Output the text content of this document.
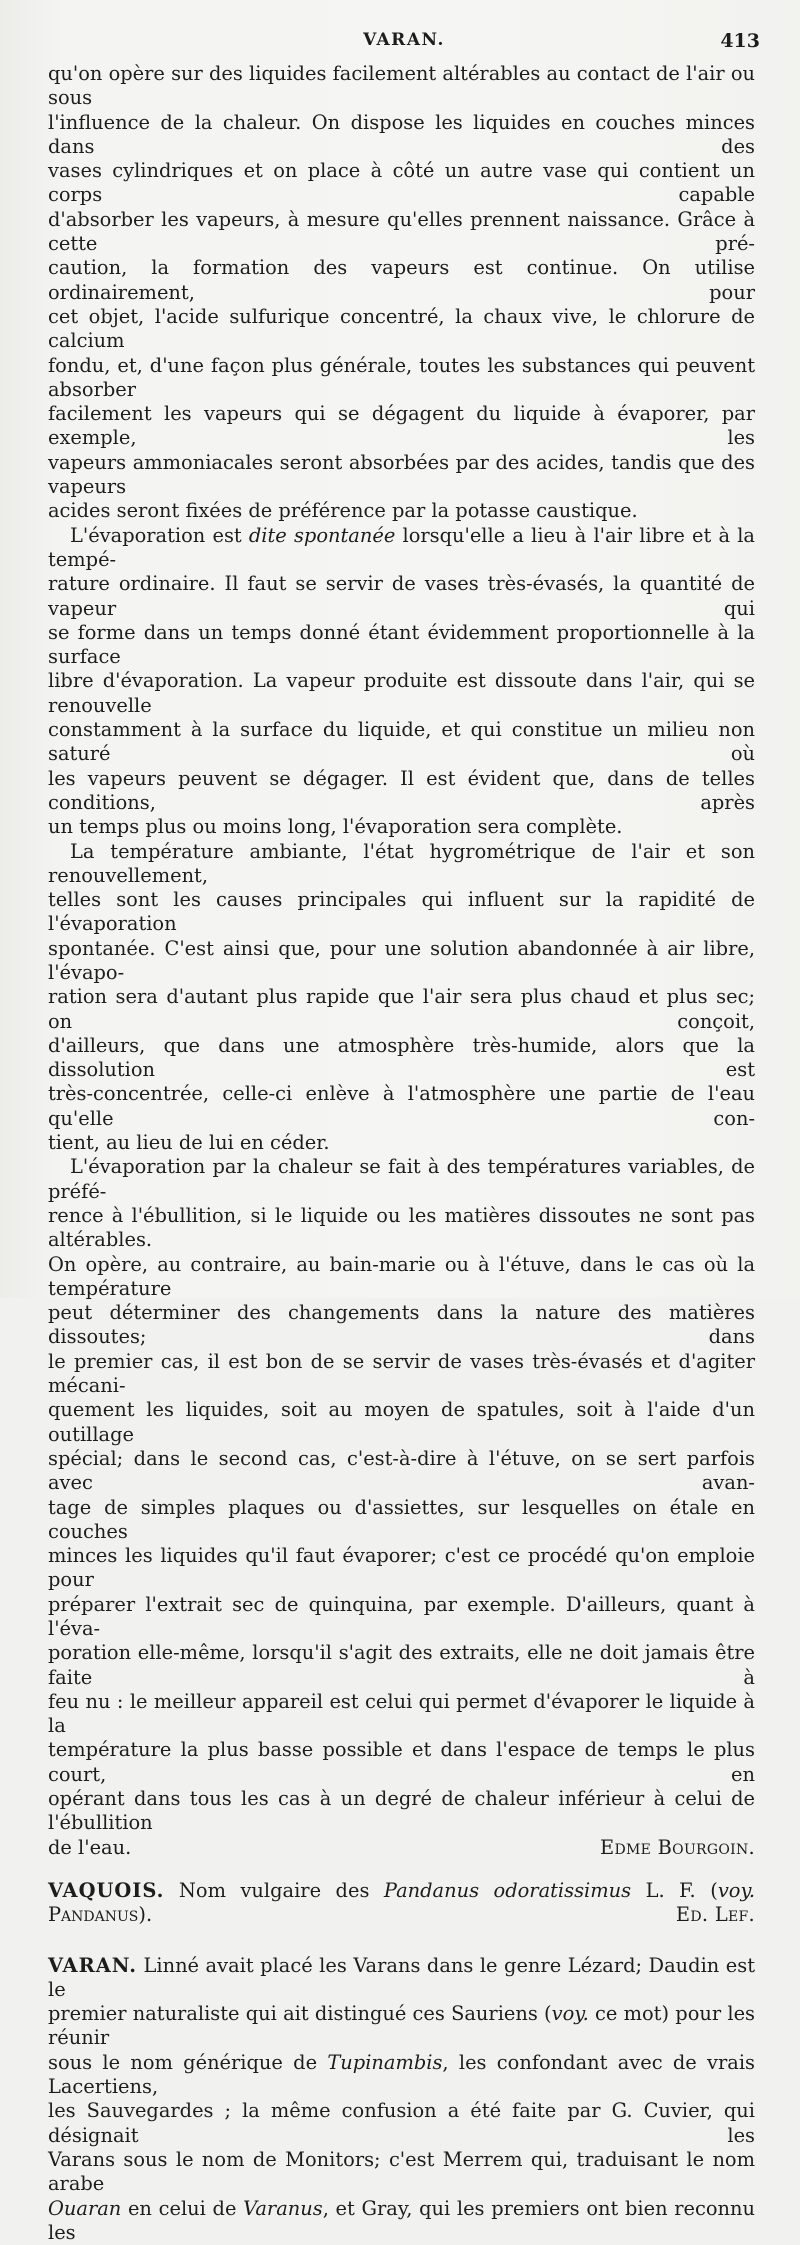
VARAN.	413

qu'on opère sur des liquides facilement altérables au contact de l'air ou sous

l'influence de la chaleur. On dispose les liquides en couches minces dans des

vases cylindriques et on place à côté un autre vase qui contient un corps capable

d'absorber les vapeurs, à mesure qu'elles prennent naissance. Grâce à cette pré-

caution, la formation des vapeurs est continue. On utilise ordinairement, pour

cet objet, l'acide sulfurique concentré, la chaux vive, le chlorure de calcium

fondu, et, d'une façon plus générale, toutes les substances qui peuvent absorber

facilement les vapeurs qui se dégagent du liquide à évaporer, par exemple, les

vapeurs ammoniacales seront absorbées par des acides, tandis que des vapeurs

acides seront fixées de préférence par la potasse caustique.

L'évaporation est dite spontanée lorsqu'elle a lieu à l'air libre et à la tempé-

rature ordinaire. Il faut se servir de vases très-évasés, la quantité de vapeur qui

se forme dans un temps donné étant évidemment proportionnelle à la surface

libre d'évaporation. La vapeur produite est dissoute dans l'air, qui se renouvelle

constamment à la surface du liquide, et qui constitue un milieu non saturé où

les vapeurs peuvent se dégager. Il est évident que, dans de telles conditions, après

un temps plus ou moins long, l'évaporation sera complète.

La température ambiante, l'état hygrométrique de l'air et son renouvellement,

telles sont les causes principales qui influent sur la rapidité de l'évaporation

spontanée. C'est ainsi que, pour une solution abandonnée à air libre, l'évapo-

ration sera d'autant plus rapide que l'air sera plus chaud et plus sec; on conçoit,

d'ailleurs, que dans une atmosphère très-humide, alors que la dissolution est

très-concentrée, celle-ci enlève à l'atmosphère une partie de l'eau qu'elle con-

tient, au lieu de lui en céder.

L'évaporation par la chaleur se fait à des températures variables, de préfé-

rence à l'ébullition, si le liquide ou les matières dissoutes ne sont pas altérables.

On opère, au contraire, au bain-marie ou à l'étuve, dans le cas où la température

peut déterminer des changements dans la nature des matières dissoutes; dans

le premier cas, il est bon de se servir de vases très-évasés et d'agiter mécani-

quement les liquides, soit au moyen de spatules, soit à l'aide d'un outillage

spécial; dans le second cas, c'est-à-dire à l'étuve, on se sert parfois avec avan-

tage de simples plaques ou d'assiettes, sur lesquelles on étale en couches

minces les liquides qu'il faut évaporer; c'est ce procédé qu'on emploie pour

préparer l'extrait sec de quinquina, par exemple. D'ailleurs, quant à l'éva-

poration elle-même, lorsqu'il s'agit des extraits, elle ne doit jamais être faite à

feu nu : le meilleur appareil est celui qui permet d'évaporer le liquide à la

température la plus basse possible et dans l'espace de temps le plus court, en

opérant dans tous les cas à un degré de chaleur inférieur à celui de l'ébullition

de l'eau.	Edme Bourgoin.

VAQUOIS. Nom vulgaire des Pandanus odoratissimus L. F. (voy.

Pandanus).	Ed. Lef.

VARAN. Linné avait placé les Varans dans le genre Lézard; Daudin est le

premier naturaliste qui ait distingué ces Sauriens (voy. ce mot) pour les réunir

sous le nom générique de Tupinambis, les confondant avec de vrais Lacertiens,

les Sauvegardes ; la même confusion a été faite par G. Cuvier, qui désignait les

Varans sous le nom de Monitors; c'est Merrem qui, traduisant le nom arabe

Ouaran en celui de Varanus, et Gray, qui les premiers ont bien reconnu les
